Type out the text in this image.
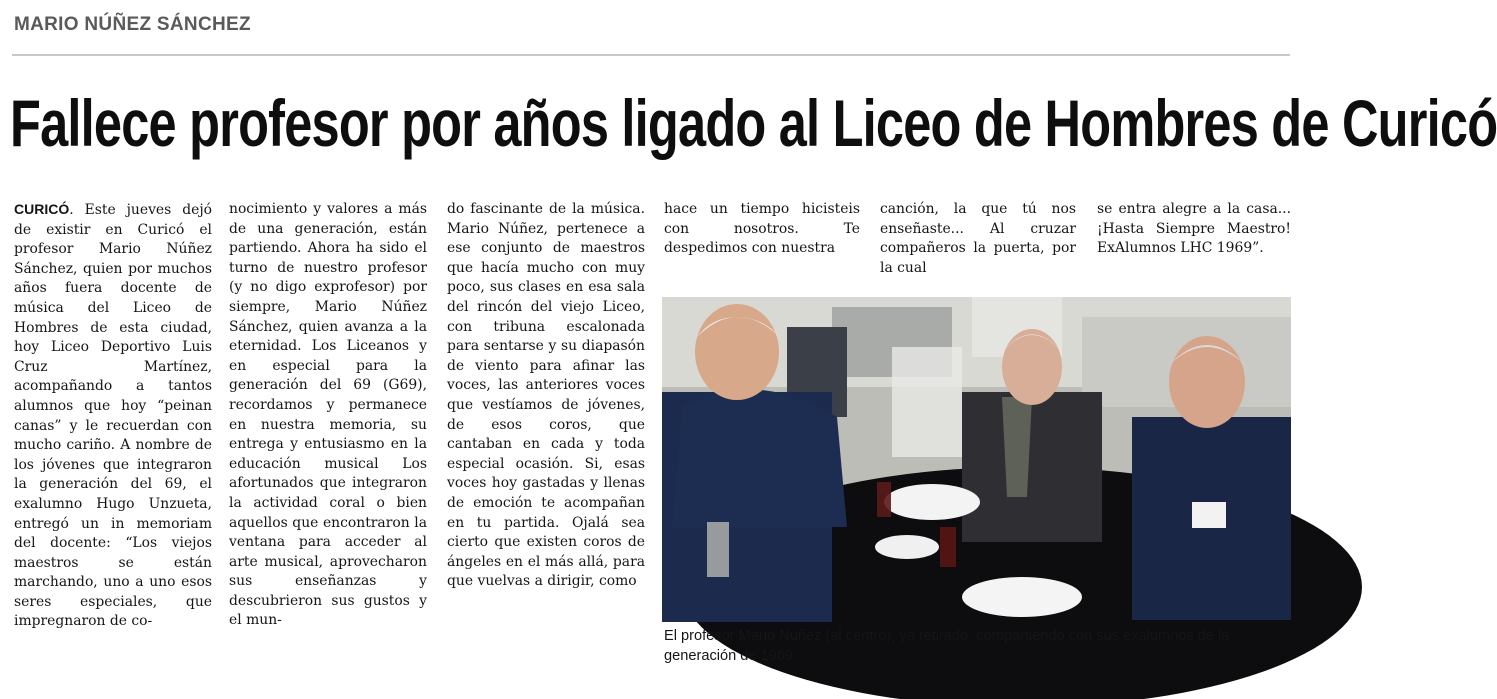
MARIO NÚÑEZ SÁNCHEZ
Fallece profesor por años ligado al Liceo de Hombres de Curicó

CURICÓ. Este jueves dejó de existir en Curicó el profesor Mario Núñez Sánchez, quien por muchos años fuera docente de música del Liceo de Hombres de esta ciudad, hoy Liceo Deportivo Luis Cruz Martínez, acompañando a tantos alumnos que hoy “peinan canas” y le recuerdan con mucho cariño. A nombre de los jóvenes que integraron la generación del 69, el exalumno Hugo Unzueta, entregó un in memoriam del docente: “Los viejos maestros se están marchando, uno a uno esos seres especiales, que impregnaron de co-

nocimiento y valores a más de una generación, están partiendo. Ahora ha sido el turno de nuestro profesor (y no digo exprofesor) por siempre, Mario Núñez Sánchez, quien avanza a la eternidad. Los Liceanos y en especial para la generación del 69 (G69), recordamos y permanece en nuestra memoria, su entrega y entusiasmo en la educación musical Los afortunados que integraron la actividad coral o bien aquellos que encontraron la ventana para acceder al arte musical, aprovecharon sus enseñanzas y descubrieron sus gustos y el mun-

do fascinante de la música. Mario Núñez, pertenece a ese conjunto de maestros que hacía mucho con muy poco, sus clases en esa sala del rincón del viejo Liceo, con tribuna escalonada para sentarse y su diapasón de viento para afinar las voces, las anteriores voces que vestíamos de jóvenes, de esos coros, que cantaban en cada y toda especial ocasión. Si, esas voces hoy gastadas y llenas de emoción te acompañan en tu partida. Ojalá sea cierto que existen coros de ángeles en el más allá, para que vuelvas a dirigir, como

hace un tiempo hicisteis con nosotros. Te despedimos con nuestra

canción, la que tú nos enseñaste... Al cruzar compañeros la puerta, por la cual

se entra alegre a la casa... ¡Hasta Siempre Maestro! ExAlumnos LHC 1969”.

El profesor Mario Núñez (al centro), ya retirado, compartiendo con sus exalumnos de la generación de 1969.
